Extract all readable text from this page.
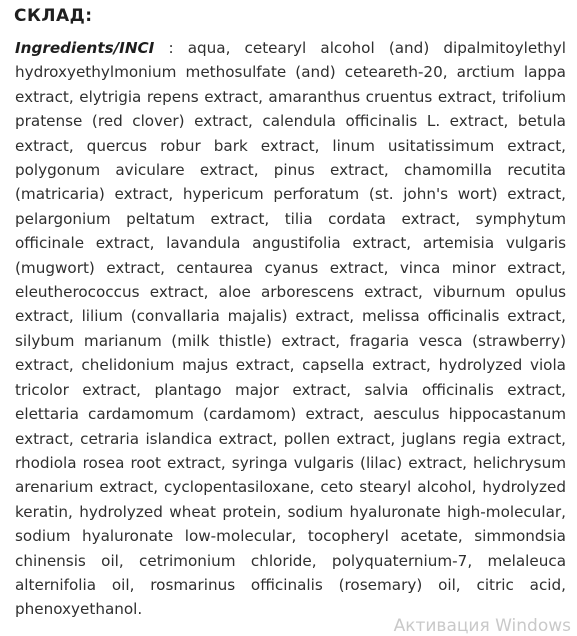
СКЛАД:

Ingredients/INCI : aqua, cetearyl alcohol (and) dipalmitoylethyl hydroxyethylmonium methosulfate (and) ceteareth-20, arctium lappa extract, elytrigia repens extract, amaranthus cruentus extract, trifolium pratense (red clover) extract, calendula officinalis L. extract, betula extract, quercus robur bark extract, linum usitatissimum extract, polygonum aviculare extract, pinus extract, chamomilla recutita (matricaria) extract, hypericum perforatum (st. john's wort) extract, pelargonium peltatum extract, tilia cordata extract, symphytum officinale extract, lavandula angustifolia extract, artemisia vulgaris (mugwort) extract, centaurea cyanus extract, vinca minor extract, eleutherococcus extract, aloe arborescens extract, viburnum opulus extract, lilium (convallaria majalis) extract, melissa officinalis extract, silybum marianum (milk thistle) extract, fragaria vesca (strawberry) extract, chelidonium majus extract, capsella extract, hydrolyzed viola tricolor extract, plantago major extract, salvia officinalis extract, elettaria cardamomum (cardamom) extract, aesculus hippocastanum extract, cetraria islandica extract, pollen extract, juglans regia extract, rhodiola rosea root extract, syringa vulgaris (lilac) extract, helichrysum arenarium extract, cyclopentasiloxane, ceto stearyl alcohol, hydrolyzed keratin, hydrolyzed wheat protein, sodium hyaluronate high-molecular, sodium hyaluronate low-molecular, tocopheryl acetate, simmondsia chinensis oil, cetrimonium chloride, polyquaternium-7, melaleuca alternifolia oil, rosmarinus officinalis (rosemary) oil, citric acid, phenoxyethanol.

Активация Windows
